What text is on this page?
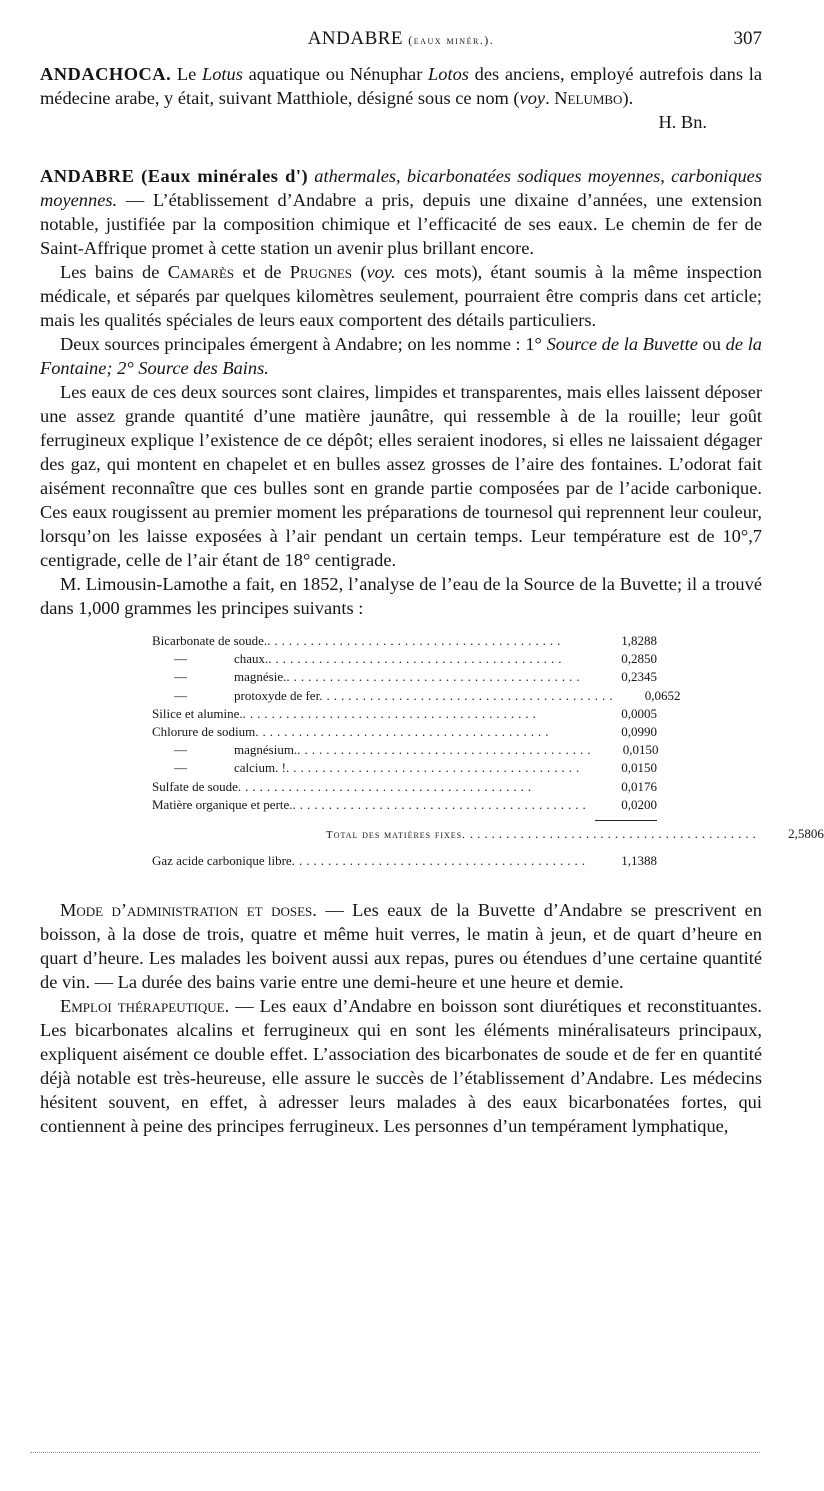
ANDABRE (eaux minér.).	307

ANDACHOCA. Le Lotus aquatique ou Nénuphar Lotos des anciens, employé autrefois dans la médecine arabe, y était, suivant Matthiole, désigné sous ce nom (voy. Nelumbo).

H. Bn.

ANDABRE (Eaux minérales d') athermales, bicarbonatées sodiques moyennes, carboniques moyennes. — L’établissement d’Andabre a pris, depuis une dixaine d’années, une extension notable, justifiée par la composition chimique et l’efficacité de ses eaux. Le chemin de fer de Saint-Affrique promet à cette station un avenir plus brillant encore.

Les bains de Camarès et de Prugnes (voy. ces mots), étant soumis à la même inspection médicale, et séparés par quelques kilomètres seulement, pourraient être compris dans cet article; mais les qualités spéciales de leurs eaux comportent des détails particuliers.

Deux sources principales émergent à Andabre; on les nomme : 1° Source de la Buvette ou de la Fontaine; 2° Source des Bains.

Les eaux de ces deux sources sont claires, limpides et transparentes, mais elles laissent déposer une assez grande quantité d’une matière jaunâtre, qui ressemble à de la rouille; leur goût ferrugineux explique l’existence de ce dépôt; elles seraient inodores, si elles ne laissaient dégager des gaz, qui montent en chapelet et en bulles assez grosses de l’aire des fontaines. L’odorat fait aisément reconnaître que ces bulles sont en grande partie composées par de l’acide carbonique. Ces eaux rougissent au premier moment les préparations de tournesol qui reprennent leur couleur, lorsqu’on les laisse exposées à l’air pendant un certain temps. Leur température est de 10°,7 centigrade, celle de l’air étant de 18° centigrade.

M. Limousin-Lamothe a fait, en 1852, l’analyse de l’eau de la Source de la Buvette; il a trouvé dans 1,000 grammes les principes suivants :

Bicarbonate de soude.. ........................................	1,8288
—	chaux.. ........................................	0,2850
—	magnésie.. ........................................	0,2345
—	protoxyde de fer. ........................................	0,0652
Silice et alumine.. ........................................	0,0005
Chlorure de sodium. ........................................	0,0990
—	magnésium.. ........................................	0,0150
—	calcium. !. ........................................	0,0150
Sulfate de soude. ........................................	0,0176
Matière organique et perte.. ........................................	0,0200
Total des matières fixes. ........................................	2,5806
Gaz acide carbonique libre. ........................................	1,1388

Mode d’administration et doses. — Les eaux de la Buvette d’Andabre se prescrivent en boisson, à la dose de trois, quatre et même huit verres, le matin à jeun, et de quart d’heure en quart d’heure. Les malades les boivent aussi aux repas, pures ou étendues d’une certaine quantité de vin. — La durée des bains varie entre une demi-heure et une heure et demie.

Emploi thérapeutique. — Les eaux d’Andabre en boisson sont diurétiques et reconstituantes. Les bicarbonates alcalins et ferrugineux qui en sont les éléments minéralisateurs principaux, expliquent aisément ce double effet. L’association des bicarbonates de soude et de fer en quantité déjà notable est très-heureuse, elle assure le succès de l’établissement d’Andabre. Les médecins hésitent souvent, en effet, à adresser leurs malades à des eaux bicarbonatées fortes, qui contiennent à peine des principes ferrugineux. Les personnes d’un tempérament lymphatique,
